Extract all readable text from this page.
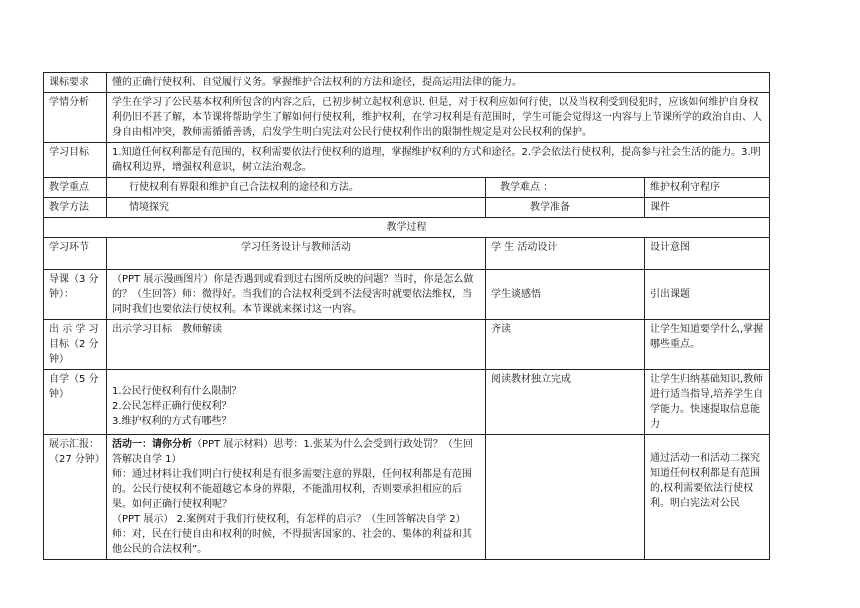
课标要求	懂的正确行使权利、自觉履行义务。掌握维护合法权利的方法和途径，提高运用法律的能力。		
学情分析	学生在学习了公民基本权利所包含的内容之后，已初步树立起权利意识. 但是，对于权利应如何行使，以及当权利受到侵犯时，应该如何维护自身权利仍旧不甚了解，本节课将帮助学生了解如何行使权利，维护权利，在学习权利是有范围时，学生可能会觉得这一内容与上节课所学的政治自由、人身自由相冲突，教师需循循善诱，启发学生明白宪法对公民行使权利作出的限制性规定是对公民权利的保护。		
学习目标	1.知道任何权利都是有范围的，权利需要依法行使权利的道理，掌握维护权利的方式和途径。2.学会依法行使权利，提高参与社会生活的能力。3.明确权利边界，增强权利意识，树立法治观念。		
教学重点	行使权利有界限和维护自己合法权利的途径和方法。	教学难点 ：	维护权利守程序
教学方法	情境探究	教学准备	课件
教学过程			
学习环节	学习任务设计与教师活动	学 生 活动设计	设计意图
导课（3 分钟）：	（PPT 展示漫画图片）你是否遇到或看到过右图所反映的问题？当时，你是怎么做的？（生回答）师：微得好。当我们的合法权利受到不法侵害时就要依法维权，当同时我们也要依法行使权利。本节课就来探讨这一内容。	学生谈感悟	引出课题
出 示 学 习目标（2 分钟）	出示学习目标　教师解读	齐读	让学生知道要学什么,掌握哪些重点。
自学（5 分钟）	1.公民行使权利有什么限制？
2.公民怎样正确行使权利？
3.维护权利的方式有哪些？	阅读教材独立完成	让学生归纳基础知识,教师进行适当指导,培养学生自学能力。快速提取信息能力
展示汇报：（27 分钟）	活动一：请你分析（PPT 展示材料）思考：1.张某为什么会受到行政处罚？（生回答解决自学 1）
师：通过材料让我们明白行使权利是有很多需要注意的界限，任何权利都是有范围的。公民行使权利不能超越它本身的界限，不能滥用权利，否则要承担相应的后果。如何正确行使权利呢？
（PPT 展示） 2.案例对于我们行使权利，有怎样的启示？（生回答解决自学 2）
师：对，民在行使自由和权利的时候，不得损害国家的、社会的、集体的利益和其他公民的合法权利”。		通过活动一和活动二探究知道任何权利都是有范围的,权利需要依法行使权利。明白宪法对公民
